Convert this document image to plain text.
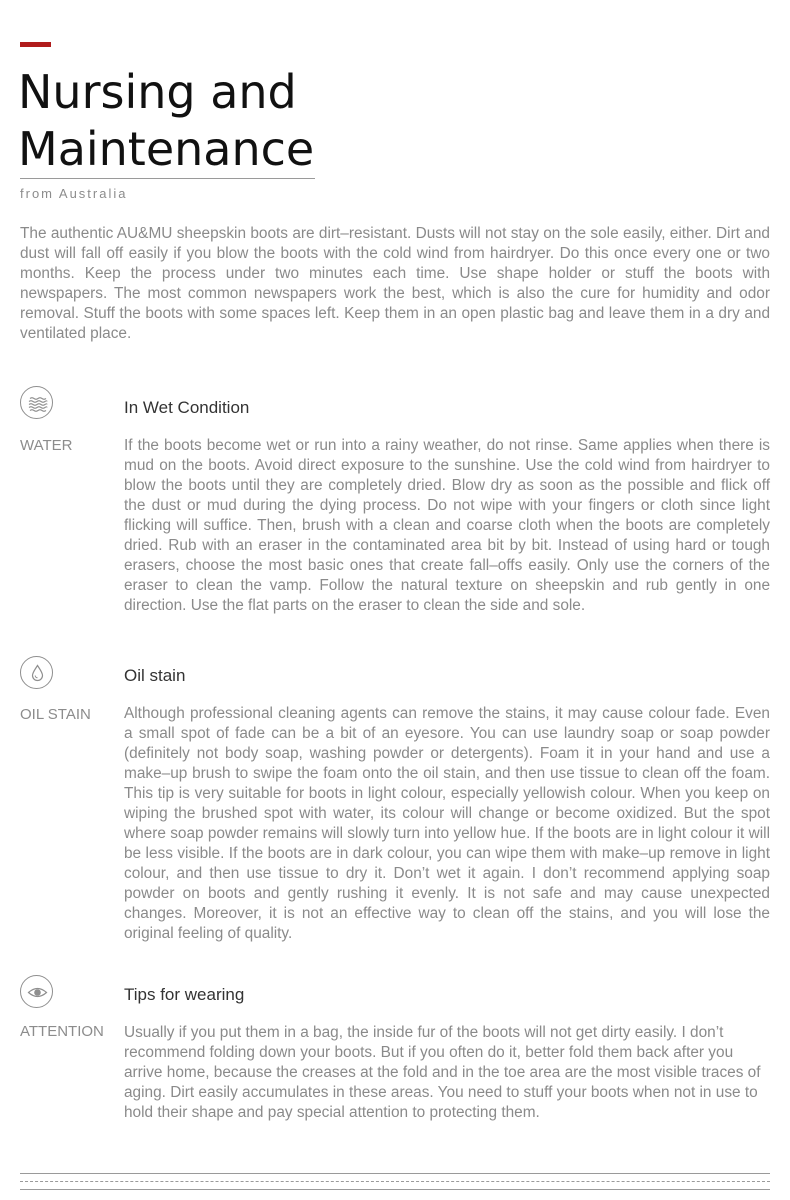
Nursing and
Maintenance
from Australia

The authentic AU&MU sheepskin boots are dirt–resistant. Dusts will not stay on the sole easily, either. Dirt and dust will fall off easily if you blow the boots with the cold wind from hairdryer. Do this once every one or two months. Keep the process under two minutes each time. Use shape holder or stuff the boots with newspapers. The most common newspapers work the best, which is also the cure for humidity and odor removal. Stuff the boots with some spaces left. Keep them in an open plastic bag and leave them in a dry and ventilated place.

In Wet Condition
WATER	If the boots become wet or run into a rainy weather, do not rinse. Same applies when there is mud on the boots. Avoid direct exposure to the sunshine. Use the cold wind from hairdryer to blow the boots until they are completely dried. Blow dry as soon as the possible and flick off the dust or mud during the dying process. Do not wipe with your fingers or cloth since light flicking will suffice. Then, brush with a clean and coarse cloth when the boots are completely dried. Rub with an eraser in the contaminated area bit by bit. Instead of using hard or tough erasers, choose the most basic ones that create fall–offs easily. Only use the corners of the eraser to clean the vamp. Follow the natural texture on sheepskin and rub gently in one direction. Use the flat parts on the eraser to clean the side and sole.

Oil stain
OIL STAIN Although professional cleaning agents can remove the stains, it may cause colour fade. Even a small spot of fade can be a bit of an eyesore. You can use laundry soap or soap powder (definitely not body soap, washing powder or detergents). Foam it in your hand and use a make–up brush to swipe the foam onto the oil stain, and then use tissue to clean off the foam. This tip is very suitable for boots in light colour, especially yellowish colour. When you keep on wiping the brushed spot with water, its colour will change or become oxidized. But the spot where soap powder remains will slowly turn into yellow hue. If the boots are in light colour it will be less visible. If the boots are in dark colour, you can wipe them with make–up remove in light colour, and then use tissue to dry it. Don’t wet it again. I don’t recommend applying soap powder on boots and gently rushing it evenly. It is not safe and may cause unexpected changes. Moreover, it is not an effective way to clean off the stains, and you will lose the original feeling of quality.

Tips for wearing
ATTENTION Usually if you put them in a bag, the inside fur of the boots will not get dirty easily. I don’t recommend folding down your boots. But if you often do it, better fold them back after you arrive home, because the creases at the fold and in the toe area are the most visible traces of aging. Dirt easily accumulates in these areas. You need to stuff your boots when not in use to hold their shape and pay special attention to protecting them.
